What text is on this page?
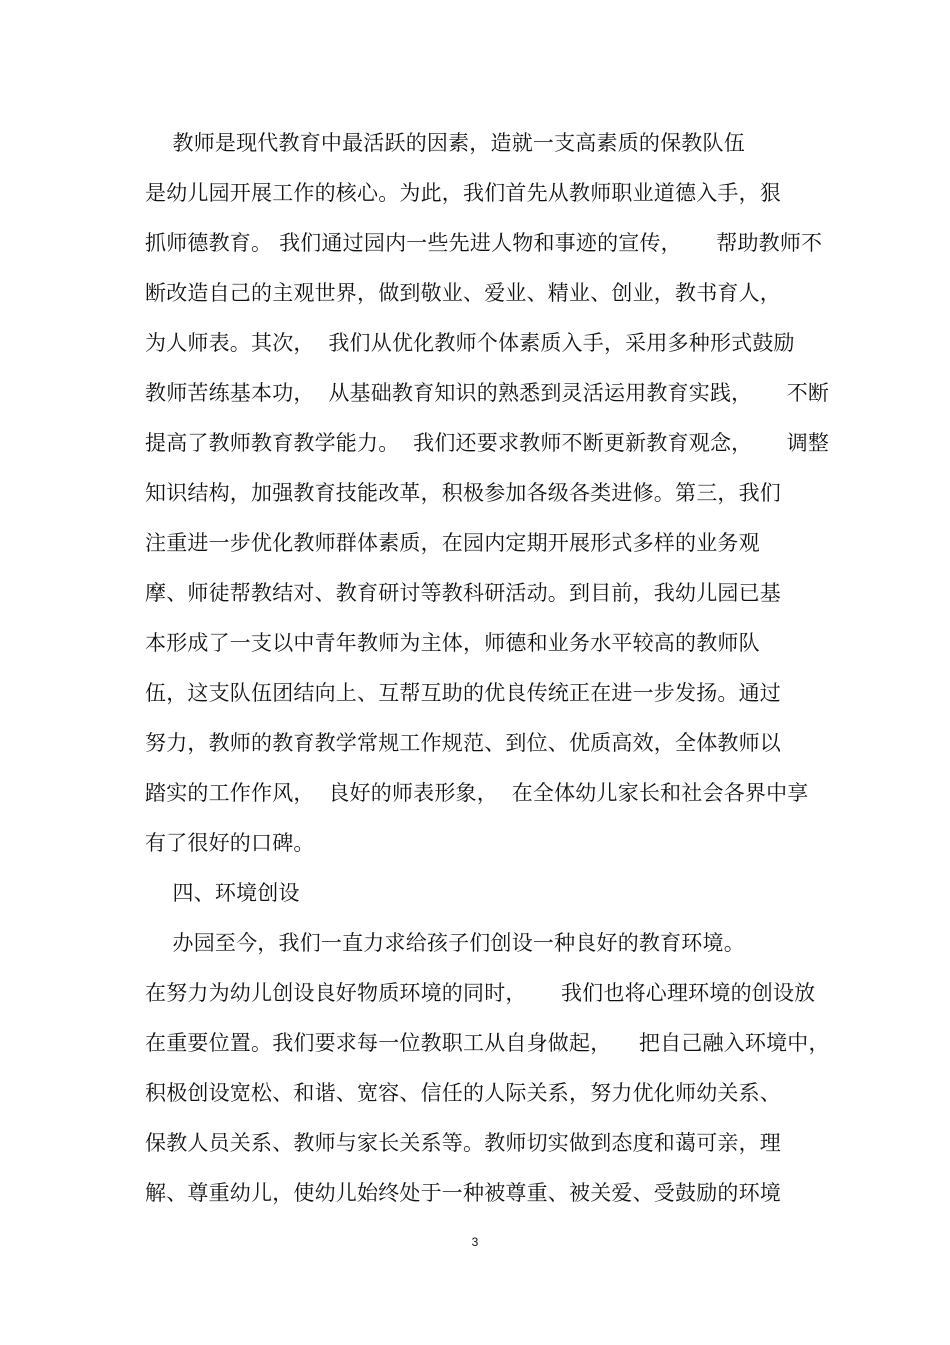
教师是现代教育中最活跃的因素，造就一支高素质的保教队伍
是幼儿园开展工作的核心。为此，我们首先从教师职业道德入手，狠
抓师德教育。 我们通过园内一些先进人物和事迹的宣传，     帮助教师不
断改造自己的主观世界，做到敬业、爱业、精业、创业，教书育人，
为人师表。其次，  我们从优化教师个体素质入手，采用多种形式鼓励
教师苦练基本功，  从基础教育知识的熟悉到灵活运用教育实践，     不断
提高了教师教育教学能力。  我们还要求教师不断更新教育观念，     调整
知识结构，加强教育技能改革，积极参加各级各类进修。第三，我们
注重进一步优化教师群体素质，在园内定期开展形式多样的业务观
摩、师徒帮教结对、教育研讨等教科研活动。到目前，我幼儿园已基
本形成了一支以中青年教师为主体，师德和业务水平较高的教师队
伍，这支队伍团结向上、互帮互助的优良传统正在进一步发扬。通过
努力，教师的教育教学常规工作规范、到位、优质高效，全体教师以
踏实的工作作风，  良好的师表形象，  在全体幼儿家长和社会各界中享
有了很好的口碑。
四、环境创设
办园至今，我们一直力求给孩子们创设一种良好的教育环境。
在努力为幼儿创设良好物质环境的同时，     我们也将心理环境的创设放
在重要位置。我们要求每一位教职工从自身做起，    把自己融入环境中，
积极创设宽松、和谐、宽容、信任的人际关系，努力优化师幼关系、
保教人员关系、教师与家长关系等。教师切实做到态度和蔼可亲，理
解、尊重幼儿，使幼儿始终处于一种被尊重、被关爱、受鼓励的环境
3
